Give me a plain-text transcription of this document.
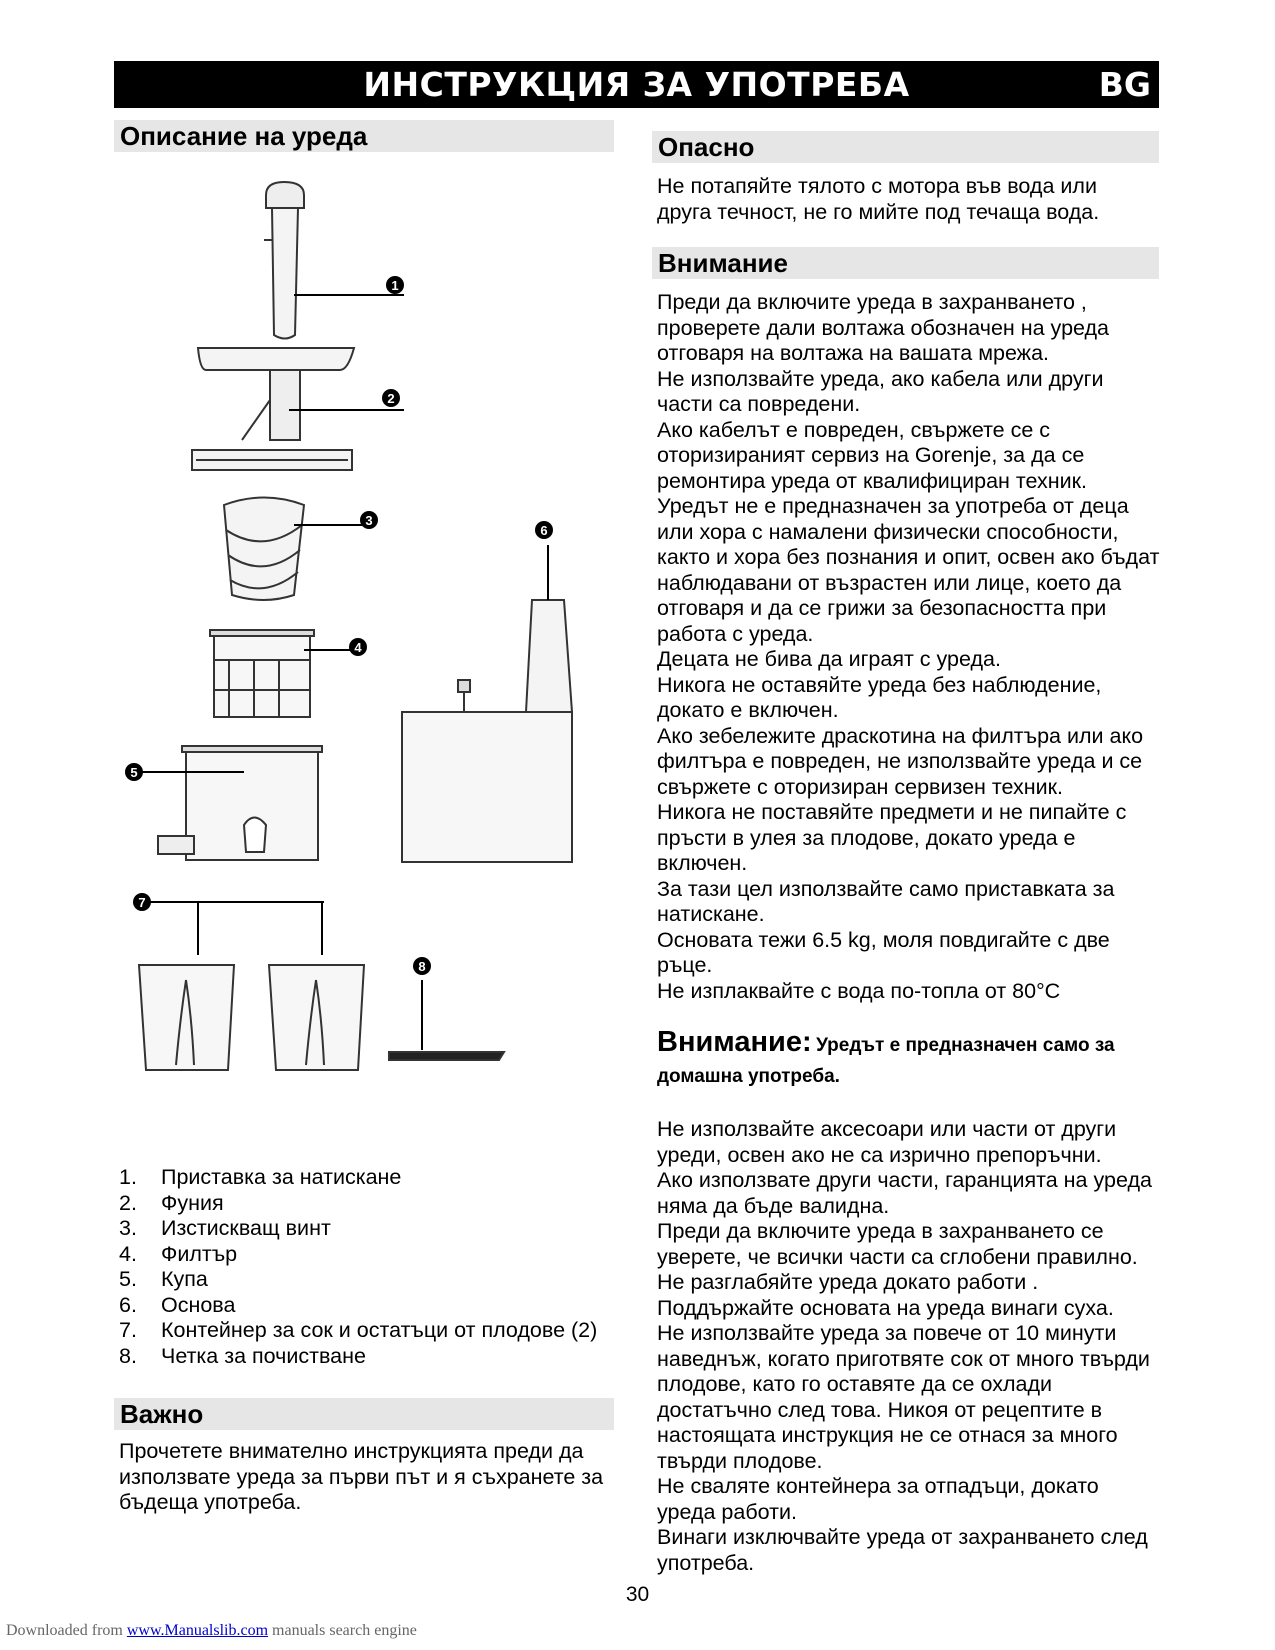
ИНСТРУКЦИЯ ЗА УПОТРЕБА	BG
Описание на уреда
1
2
3
4
5
6
7
8
1. Приставка за натискане
2. Фуния
3. Изстискващ винт
4. Филтър
5. Купа
6. Основа
7. Контейнер за сок и остатъци от плодове (2)
8. Четка за почистване
Важно
Прочетете внимателно инструкцията преди да използвате уреда за първи път и я съхранете за бъдеща употреба.
Опасно
Не потапяйте тялото с мотора във вода или друга течност, не го мийте под течаща вода.
Внимание

Преди да включите уреда в захранването , проверете дали волтажа обозначен на уреда отговаря на волтажа на вашата мрежа.

Не използвайте уреда, ако кабела или други части са повредени.

Ако кабелът е повреден, свържете се с оторизираният сервиз на Gorenje, за да се ремонтира уреда от квалифициран техник.

Уредът не е предназначен за употреба от деца или хора с намалени физически способности, както и хора без познания и опит, освен ако бъдат наблюдавани от възрастен или лице, което да отговаря и да се грижи за безопасността при работа с уреда.

Децата не бива да играят с уреда.

Никога не оставяйте уреда без наблюдение, докато е включен.

Ако зебележите драскотина на филтъра или ако филтъра е повреден, не използвайте уреда и се свържете с оторизиран сервизен техник.

Никога не поставяйте предмети и не пипайте с пръсти в улея за плодове, докато уреда е включен.

За тази цел използвайте само приставката за натискане.

Основата тежи 6.5 kg, моля повдигайте с две ръце.

Не изплаквайте с вода по-топла от 80°C

Внимание: Уредът е предназначен само за домашна употреба.

Не използвайте аксесоари или части от други уреди, освен ако не са изрично препоръчни.

Ако използвате други части, гаранцията на уреда няма да бъде валидна.

Преди да включите уреда в захранването се уверете, че всички части са сглобени правилно.

Не разглабяйте уреда докато работи .

Поддържайте основата на уреда винаги суха.

Не използвайте уреда за повече от 10 минути наведнъж, когато приготвяте сок от много твърди плодове, като го оставяте да се охлади достатъчно след това. Никоя от рецептите в настоящата инструкция не се отнася за много твърди плодове.

Не сваляте контейнера за отпадъци, докато уреда работи.

Винаги изключвайте уреда от захранването след употреба.

30
Downloaded from www.Manualslib.com manuals search engine
